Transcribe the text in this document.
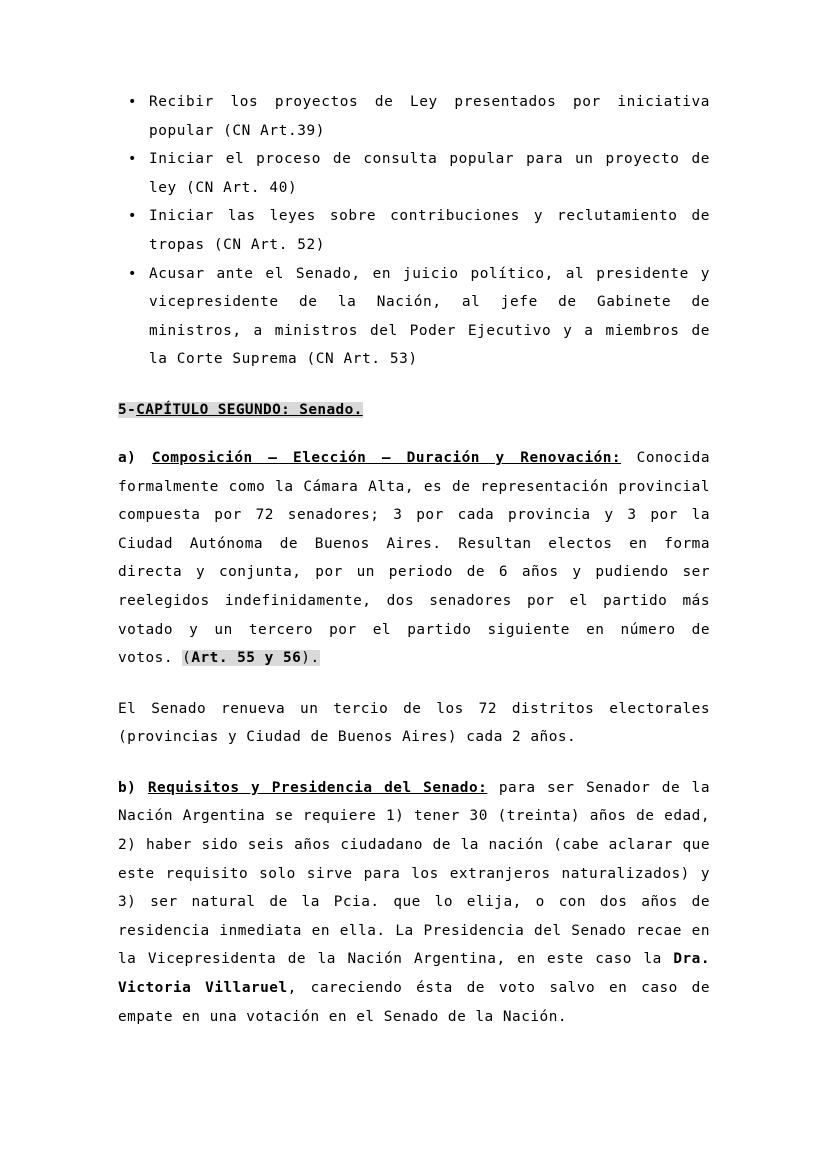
• Recibir los proyectos de Ley presentados por iniciativa popular (CN Art.39)
• Iniciar el proceso de consulta popular para un proyecto de ley (CN Art. 40)
• Iniciar las leyes sobre contribuciones y reclutamiento de tropas (CN Art. 52)
• Acusar ante el Senado, en juicio político, al presidente y vicepresidente de la Nación, al jefe de Gabinete de ministros, a ministros del Poder Ejecutivo y a miembros de la Corte Suprema (CN Art. 53)
5-CAPÍTULO SEGUNDO: Senado.

a) Composición – Elección – Duración y Renovación: Conocida formalmente como la Cámara Alta, es de representación provincial compuesta por 72 senadores; 3 por cada provincia y 3 por la Ciudad Autónoma de Buenos Aires. Resultan electos en forma directa y conjunta, por un periodo de 6 años y pudiendo ser reelegidos indefinidamente, dos senadores por el partido más votado y un tercero por el partido siguiente en número de votos. (Art. 55 y 56).

El Senado renueva un tercio de los 72 distritos electorales (provincias y Ciudad de Buenos Aires) cada 2 años.

b) Requisitos y Presidencia del Senado: para ser Senador de la Nación Argentina se requiere 1) tener 30 (treinta) años de edad, 2) haber sido seis años ciudadano de la nación (cabe aclarar que este requisito solo sirve para los extranjeros naturalizados) y 3) ser natural de la Pcia. que lo elija, o con dos años de residencia inmediata en ella. La Presidencia del Senado recae en la Vicepresidenta de la Nación Argentina, en este caso la Dra. Victoria Villaruel, careciendo ésta de voto salvo en caso de empate en una votación en el Senado de la Nación.
